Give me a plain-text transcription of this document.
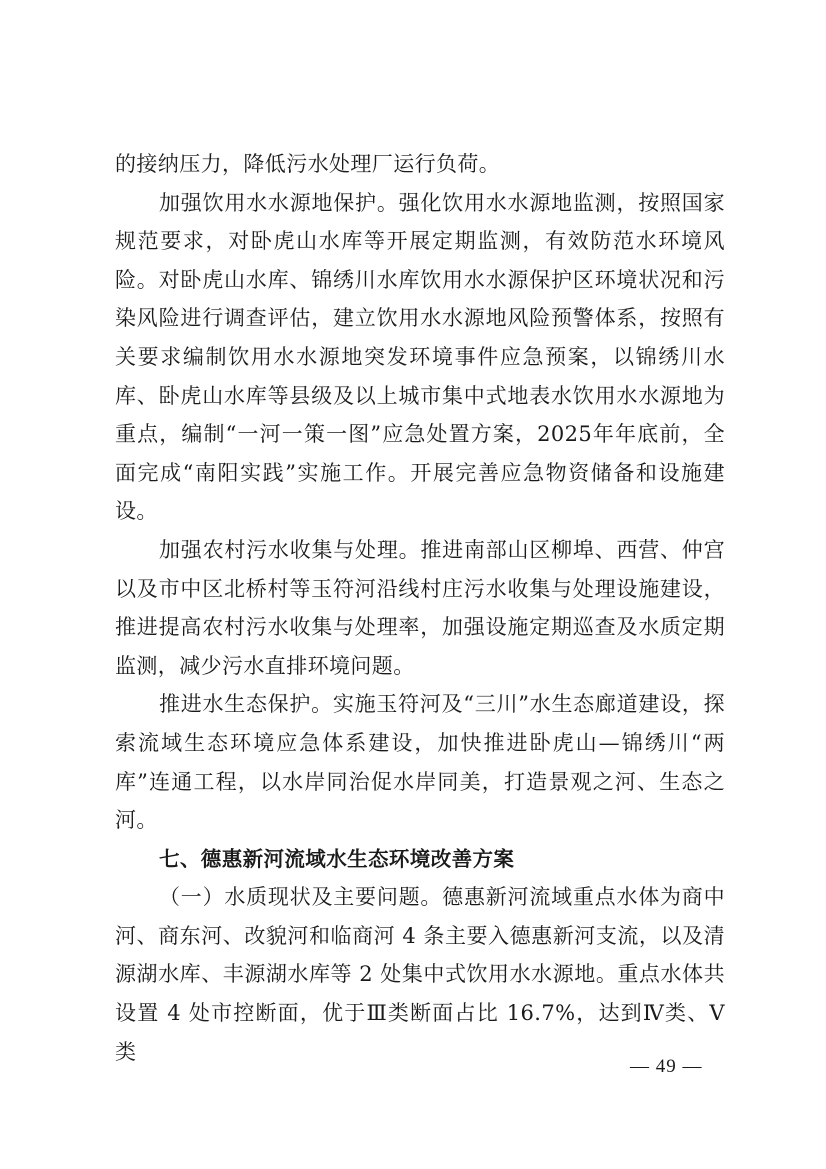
的接纳压力，降低污水处理厂运行负荷。

加强饮用水水源地保护。强化饮用水水源地监测，按照国家规范要求，对卧虎山水库等开展定期监测，有效防范水环境风险。对卧虎山水库、锦绣川水库饮用水水源保护区环境状况和污染风险进行调查评估，建立饮用水水源地风险预警体系，按照有关要求编制饮用水水源地突发环境事件应急预案，以锦绣川水库、卧虎山水库等县级及以上城市集中式地表水饮用水水源地为重点，编制“一河一策一图”应急处置方案，2025年年底前，全面完成“南阳实践”实施工作。开展完善应急物资储备和设施建设。

加强农村污水收集与处理。推进南部山区柳埠、西营、仲宫以及市中区北桥村等玉符河沿线村庄污水收集与处理设施建设，推进提高农村污水收集与处理率，加强设施定期巡查及水质定期监测，减少污水直排环境问题。

推进水生态保护。实施玉符河及“三川”水生态廊道建设，探索流域生态环境应急体系建设，加快推进卧虎山—锦绣川“两库”连通工程，以水岸同治促水岸同美，打造景观之河、生态之河。

七、德惠新河流域水生态环境改善方案

（一）水质现状及主要问题。德惠新河流域重点水体为商中河、商东河、改貌河和临商河 4 条主要入德惠新河支流，以及清源湖水库、丰源湖水库等 2 处集中式饮用水水源地。重点水体共设置 4 处市控断面，优于Ⅲ类断面占比 16.7%，达到Ⅳ类、Ⅴ类

— 49 —
